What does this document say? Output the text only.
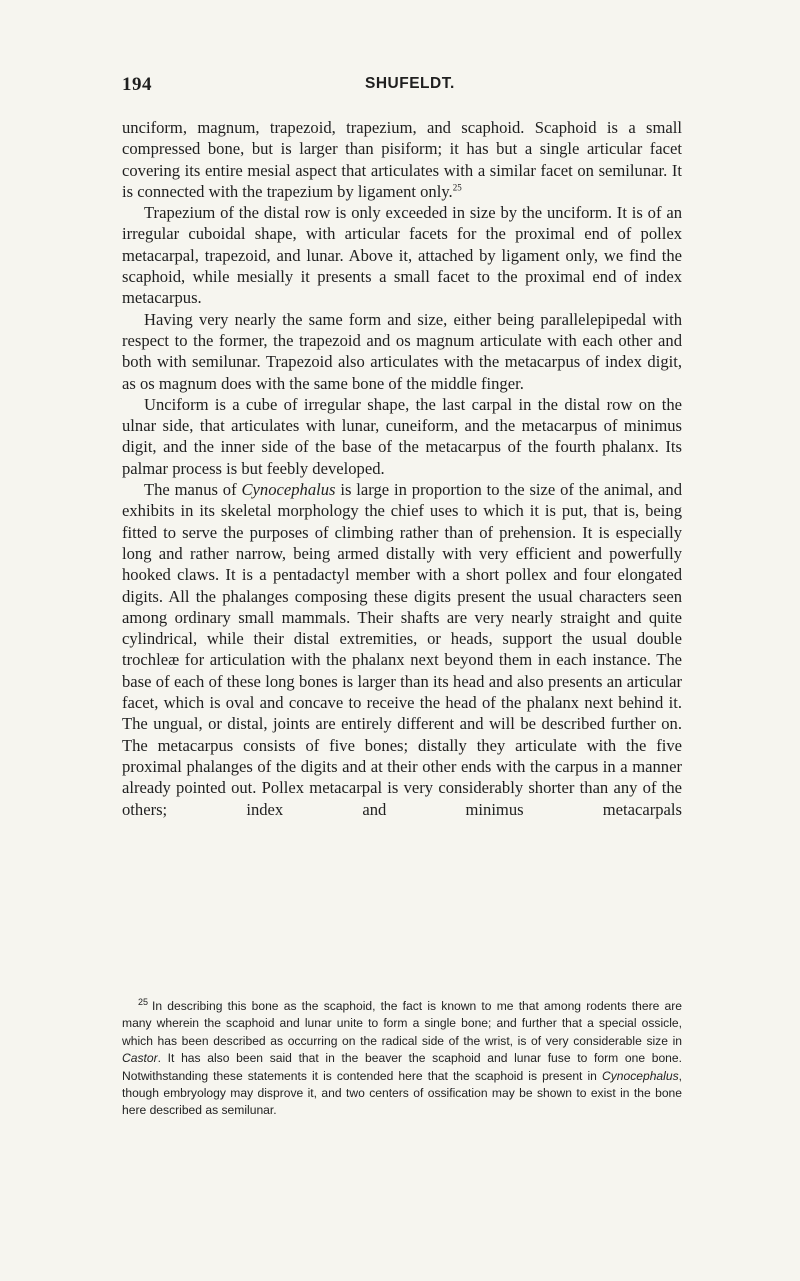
194	SHUFELDT.

unciform, magnum, trapezoid, trapezium, and scaphoid. Scaphoid is a small compressed bone, but is larger than pisiform; it has but a single articular facet covering its entire mesial aspect that articulates with a similar facet on semilunar. It is connected with the trapezium by ligament only.$^{25}$

Trapezium of the distal row is only exceeded in size by the unciform. It is of an irregular cuboidal shape, with articular facets for the proximal end of pollex metacarpal, trapezoid, and lunar. Above it, attached by ligament only, we find the scaphoid, while mesially it presents a small facet to the proximal end of index metacarpus.

Having very nearly the same form and size, either being parallelepipedal with respect to the former, the trapezoid and os magnum articulate with each other and both with semilunar. Trapezoid also articulates with the metacarpus of index digit, as os magnum does with the same bone of the middle finger.

Unciform is a cube of irregular shape, the last carpal in the distal row on the ulnar side, that articulates with lunar, cuneiform, and the metacarpus of minimus digit, and the inner side of the base of the metacarpus of the fourth phalanx. Its palmar process is but feebly developed.

The manus of Cynocephalus is large in proportion to the size of the animal, and exhibits in its skeletal morphology the chief uses to which it is put, that is, being fitted to serve the purposes of climbing rather than of prehension. It is especially long and rather narrow, being armed distally with very efficient and powerfully hooked claws. It is a pentadactyl member with a short pollex and four elongated digits. All the phalanges composing these digits present the usual characters seen among ordinary small mammals. Their shafts are very nearly straight and quite cylindrical, while their distal extremities, or heads, support the usual double trochleæ for articulation with the phalanx next beyond them in each instance. The base of each of these long bones is larger than its head and also presents an articular facet, which is oval and concave to receive the head of the phalanx next behind it. The ungual, or distal, joints are entirely different and will be described further on. The metacarpus consists of five bones; distally they articulate with the five proximal phalanges of the digits and at their other ends with the carpus in a manner already pointed out. Pollex metacarpal is very considerably shorter than any of the others; index and minimus metacarpals

$^{25}$ In describing this bone as the scaphoid, the fact is known to me that among rodents there are many wherein the scaphoid and lunar unite to form a single bone; and further that a special ossicle, which has been described as occurring on the radical side of the wrist, is of very considerable size in Castor. It has also been said that in the beaver the scaphoid and lunar fuse to form one bone. Notwithstanding these statements it is contended here that the scaphoid is present in Cynocephalus, though embryology may disprove it, and two centers of ossification may be shown to exist in the bone here described as semilunar.
